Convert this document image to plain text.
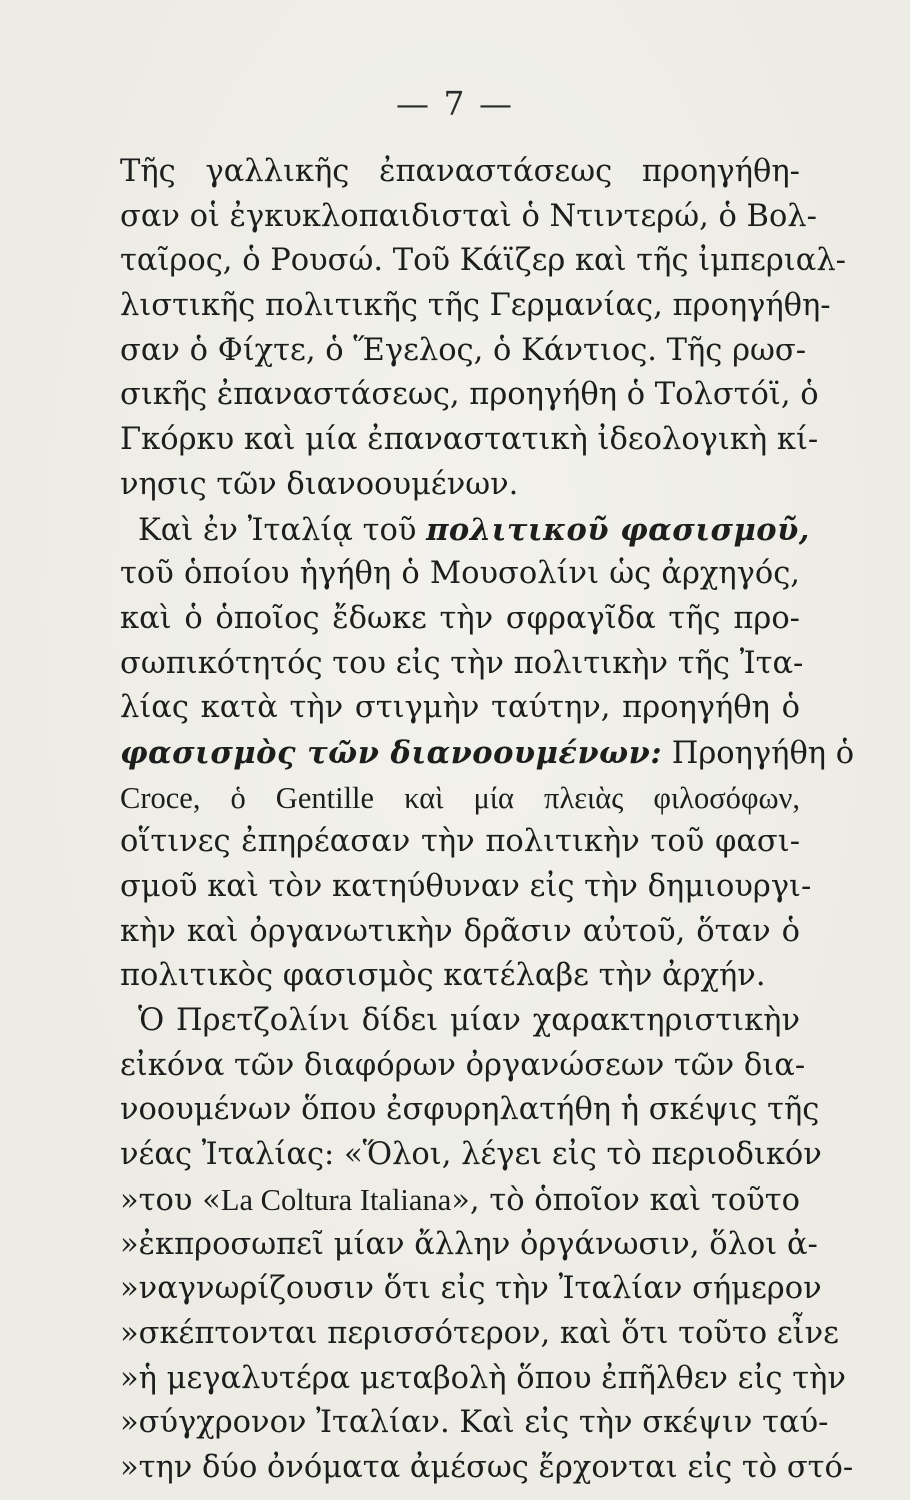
— 7 —
Τῆς γαλλικῆς ἐπαναστάσεως προηγήθη-
σαν οἱ ἐγκυκλοπαιδισταὶ ὁ Ντιντερώ, ὁ Βολ-
ταῖρος, ὁ Ρουσώ. Τοῦ Κάϊζερ καὶ τῆς ἰμπεριαλ-
λιστικῆς πολιτικῆς τῆς Γερμανίας, προηγήθη-
σαν ὁ Φίχτε, ὁ Ἕγελος, ὁ Κάντιος. Τῆς ρωσ-
σικῆς ἐπαναστάσεως, προηγήθη ὁ Τολστόϊ, ὁ
Γκόρκυ καὶ μία ἐπαναστατικὴ ἰδεολογικὴ κί-
νησις τῶν διανοουμένων.
Καὶ ἐν Ἰταλίᾳ τοῦ πολιτικοῦ φασισμοῦ,
τοῦ ὁποίου ἡγήθη ὁ Μουσολίνι ὡς ἀρχηγός,
καὶ ὁ ὁποῖος ἔδωκε τὴν σφραγῖδα τῆς προ-
σωπικότητός του εἰς τὴν πολιτικὴν τῆς Ἰτα-
λίας κατὰ τὴν στιγμὴν ταύτην, προηγήθη ὁ
φασισμὸς τῶν διανοουμένων: Προηγήθη ὁ
Croce, ὁ Gentille καὶ μία πλειὰς φιλοσόφων,
οἵτινες ἐπηρέασαν τὴν πολιτικὴν τοῦ φασι-
σμοῦ καὶ τὸν κατηύθυναν εἰς τὴν δημιουργι-
κὴν καὶ ὀργανωτικὴν δρᾶσιν αὐτοῦ, ὅταν ὁ
πολιτικὸς φασισμὸς κατέλαβε τὴν ἀρχήν.
Ὁ Πρετζολίνι δίδει μίαν χαρακτηριστικὴν
εἰκόνα τῶν διαφόρων ὀργανώσεων τῶν δια-
νοουμένων ὅπου ἐσφυρηλατήθη ἡ σκέψις τῆς
νέας Ἰταλίας: «Ὅλοι, λέγει εἰς τὸ περιοδικόν
»του «La Coltura Italiana», τὸ ὁποῖον καὶ τοῦτο
»ἐκπροσωπεῖ μίαν ἄλλην ὀργάνωσιν, ὅλοι ἀ-
»ναγνωρίζουσιν ὅτι εἰς τὴν Ἰταλίαν σήμερον
»σκέπτονται περισσότερον, καὶ ὅτι τοῦτο εἶνε
»ἡ μεγαλυτέρα μεταβολὴ ὅπου ἐπῆλθεν εἰς τὴν
»σύγχρονον Ἰταλίαν. Καὶ εἰς τὴν σκέψιν ταύ-
»την δύο ὀνόματα ἀμέσως ἔρχονται εἰς τὸ στό-
